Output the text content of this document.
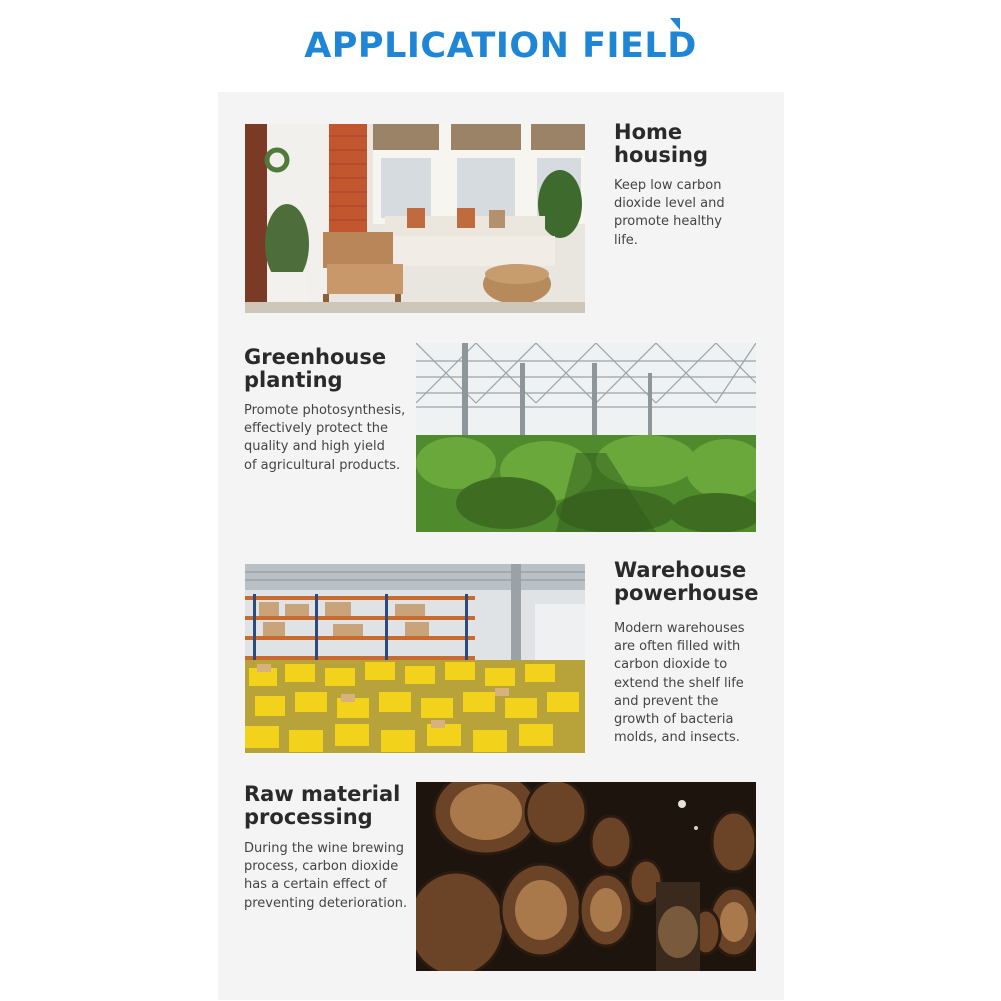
APPLICATION FIELD
Home
housing
Keep low carbon
dioxide level and
promote healthy
life.
Greenhouse
planting
Promote photosynthesis,
effectively protect the
quality and high yield
of agricultural products.
Warehouse
powerhouse
Modern warehouses
are often filled with
carbon dioxide to
extend the shelf life
and prevent the
growth of bacteria
molds, and insects.
Raw material
processing
During the wine brewing
process, carbon dioxide
has a certain effect of
preventing deterioration.
